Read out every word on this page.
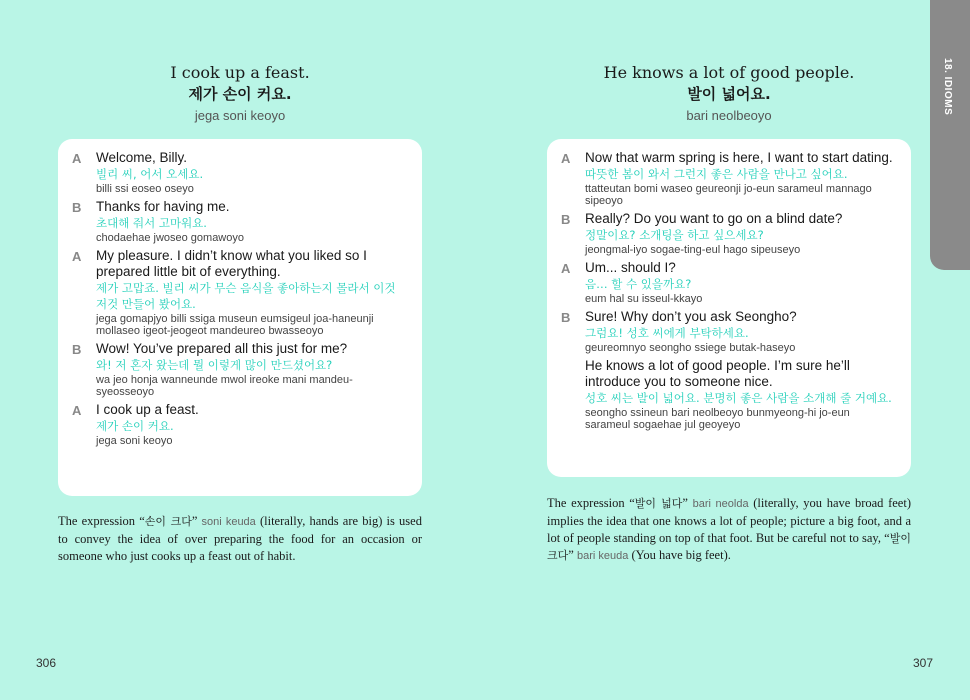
I cook up a feast.
제가 손이 커요.
jega soni keoyo
A Welcome, Billy.
빌리 씨, 어서 오세요.
billi ssi eoseo oseyo
B Thanks for having me.
초대해 줘서 고마워요.
chodaehae jwoseo gomawoyo
A My pleasure. I didn’t know what you liked so I prepared little bit of everything.
제가 고맙죠. 빌리 씨가 무슨 음식을 좋아하는지 몰라서 이것 저것 만들어 봤어요.
jega gomapjyo billi ssiga museun eumsigeul joa-haneunji mollaseo igeot-jeogeot mandeureo bwasseoyo
B Wow! You’ve prepared all this just for me?
와! 저 혼자 왔는데 뭘 이렇게 많이 만드셨어요?
wa jeo honja wanneunde mwol ireoke mani mandeu-syeosseoyo
A I cook up a feast.
제가 손이 커요.
jega soni keoyo
The expression “손이 크다” soni keuda (literally, hands are big) is used to convey the idea of over preparing the food for an occasion or someone who just cooks up a feast out of habit.
306
He knows a lot of good people.
발이 넓어요.
bari neolbeoyo
A Now that warm spring is here, I want to start dating.
따뜻한 봄이 와서 그런지 좋은 사람을 만나고 싶어요.
ttatteutan bomi waseo geureonji jo-eun sarameul mannago sipeoyo
B Really? Do you want to go on a blind date?
정말이요? 소개팅을 하고 싶으세요?
jeongmal-iyo sogae-ting-eul hago sipeuseyo
A Um... should I?
음… 할 수 있을까요?
eum hal su isseul-kkayo
B Sure! Why don’t you ask Seongho?
그럼요! 성호 씨에게 부탁하세요.
geureomnyo seongho ssiege butak-haseyo
He knows a lot of good people. I’m sure he’ll introduce you to someone nice.
성호 씨는 발이 넓어요. 분명히 좋은 사람을 소개해 줄 거예요.
seongho ssineun bari neolbeoyo bunmyeong-hi jo-eun sarameul sogaehae jul geoyeyo
The expression “발이 넓다” bari neolda (literally, you have broad feet) implies the idea that one knows a lot of people; picture a big foot, and a lot of people standing on top of that foot. But be careful not to say, “발이 크다” bari keuda (You have big feet).
307
18. IDIOMS
